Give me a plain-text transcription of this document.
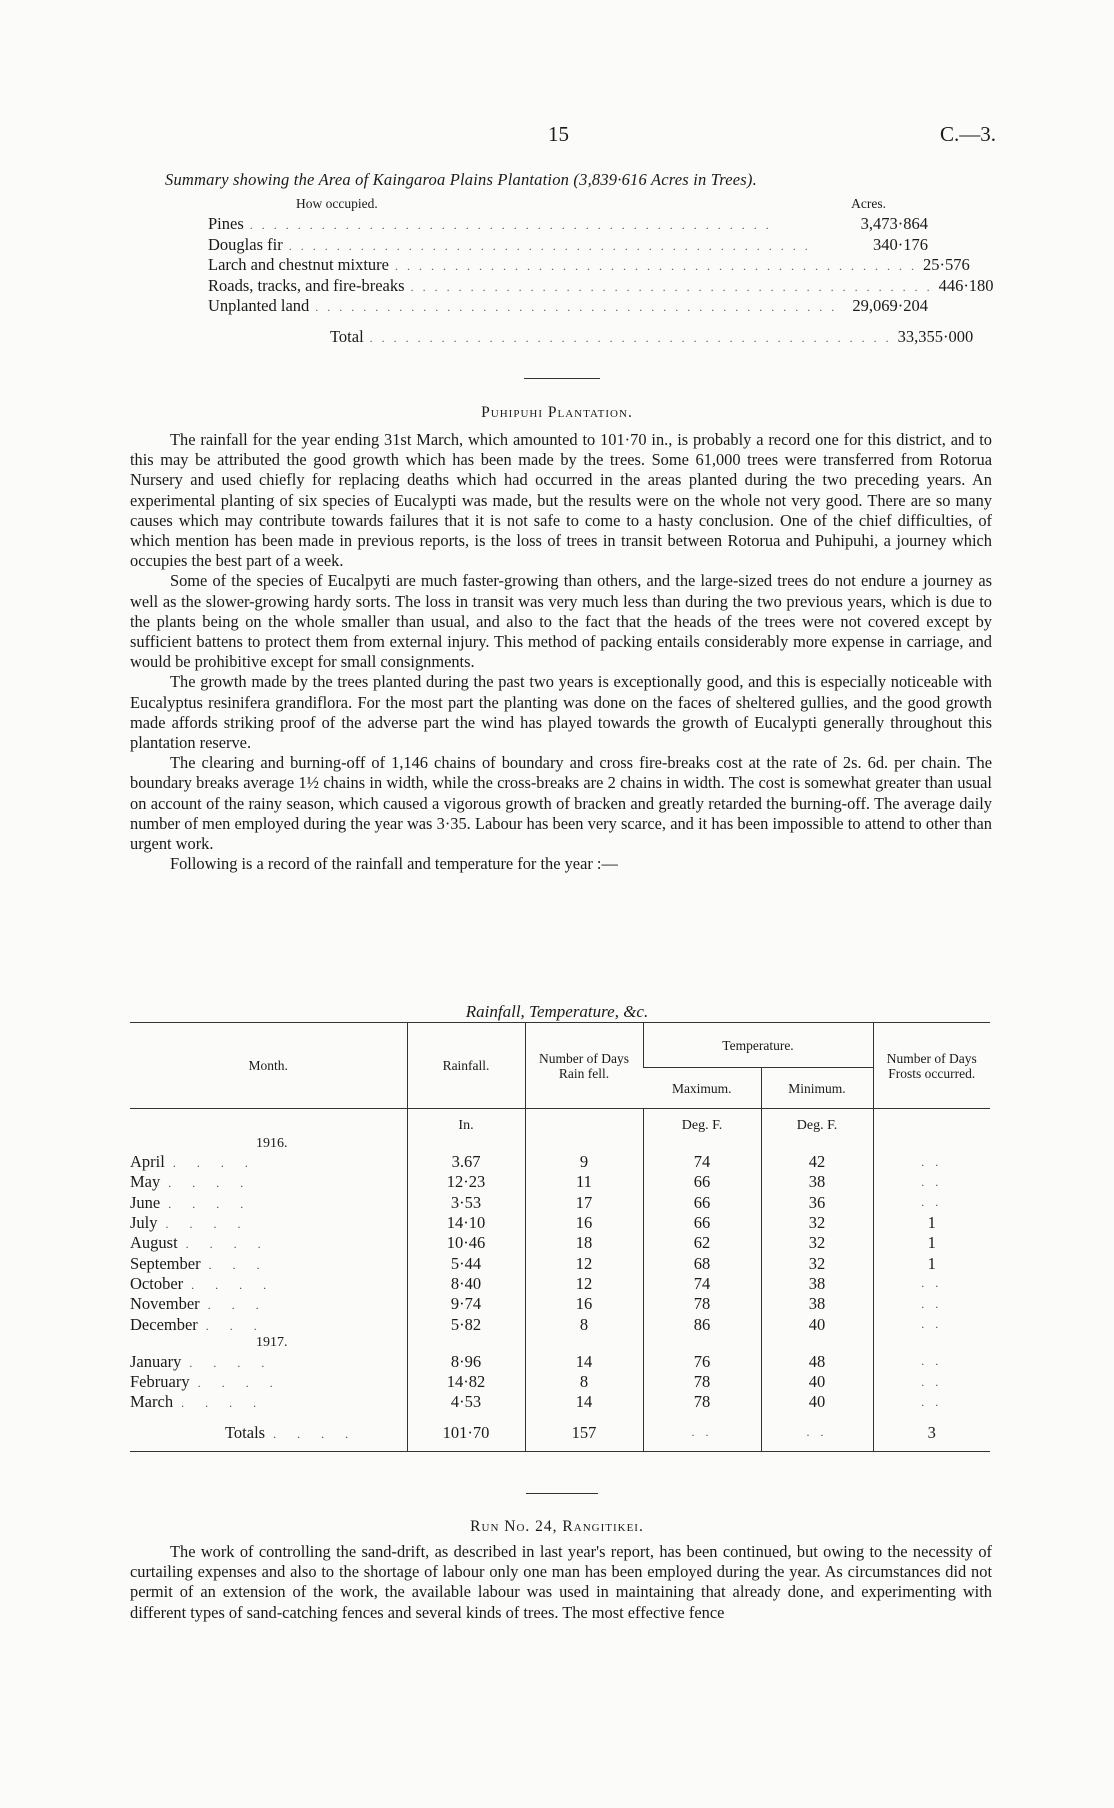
15	C.—3.
Summary showing the Area of Kaingaroa Plains Plantation (3,839·616 Acres in Trees).
How occupied.	Acres.
Pines . . . . . . . . . . . . . . . . . . . . . . . . . . . . . . . . . . . . . . . . . . . .	3,473·864
Douglas fir . . . . . . . . . . . . . . . . . . . . . . . . . . . . . . . . . . . . . . . . . . . .	340·176
Larch and chestnut mixture . . . . . . . . . . . . . . . . . . . . . . . . . . . . . . . . . . . . . . . . . . . . 25·576
Roads, tracks, and fire-breaks . . . . . . . . . . . . . . . . . . . . . . . . . . . . . . . . . . . . . . . . . . . . 446·180
Unplanted land . . . . . . . . . . . . . . . . . . . . . . . . . . . . . . . . . . . . . . . . . . . . 29,069·204
Total . . . . . . . . . . . . . . . . . . . . . . . . . . . . . . . . . . . . . . . . . . . . 33,355·000
Puhipuhi Plantation.

The rainfall for the year ending 31st March, which amounted to 101·70 in., is probably a record one for this district, and to this may be attributed the good growth which has been made by the trees. Some 61,000 trees were transferred from Rotorua Nursery and used chiefly for replacing deaths which had occurred in the areas planted during the two preceding years. An experimental planting of six species of Eucalypti was made, but the results were on the whole not very good. There are so many causes which may contribute towards failures that it is not safe to come to a hasty conclusion. One of the chief difficulties, of which mention has been made in previous reports, is the loss of trees in transit between Rotorua and Puhipuhi, a journey which occupies the best part of a week.

Some of the species of Eucalpyti are much faster-growing than others, and the large-sized trees do not endure a journey as well as the slower-growing hardy sorts. The loss in transit was very much less than during the two previous years, which is due to the plants being on the whole smaller than usual, and also to the fact that the heads of the trees were not covered except by sufficient battens to protect them from external injury. This method of packing entails considerably more expense in carriage, and would be prohibitive except for small consignments.

The growth made by the trees planted during the past two years is exceptionally good, and this is especially noticeable with Eucalyptus resinifera grandiflora. For the most part the planting was done on the faces of sheltered gullies, and the good growth made affords striking proof of the adverse part the wind has played towards the growth of Eucalypti generally throughout this plantation reserve.

The clearing and burning-off of 1,146 chains of boundary and cross fire-breaks cost at the rate of 2s. 6d. per chain. The boundary breaks average 1½ chains in width, while the cross-breaks are 2 chains in width. The cost is somewhat greater than usual on account of the rainy season, which caused a vigorous growth of bracken and greatly retarded the burning-off. The average daily number of men employed during the year was 3·35. Labour has been very scarce, and it has been impossible to attend to other than urgent work.

Following is a record of the rainfall and temperature for the year :—

Rainfall, Temperature, &c.
Month.	Rainfall.	Number of Days Rain fell.	Temperature.		Number of Days Frosts occurred.
			Maximum.	Minimum.	
	In.		Deg. F.	Deg. F.	
1916.					
April . . . .	3.67	9	74	42	. .
May . . . .	12·23	11	66	38	. .
June . . . .	3·53	17	66	36	. .
July . . . .	14·10	16	66	32	1
August . . . .	10·46	18	62	32	1
September . . .	5·44	12	68	32	1
October . . . .	8·40	12	74	38	. .
November . . .	9·74	16	78	38	. .
December . . .	5·82	8	86	40	. .
1917.					
January . . . .	8·96	14	76	48	. .
February . . . .	14·82	8	78	40	. .
March . . . .	4·53	14	78	40	. .
Totals . . . .	101·70	157	. .	. .	3
Run No. 24, Rangitikei.

The work of controlling the sand-drift, as described in last year's report, has been continued, but owing to the necessity of curtailing expenses and also to the shortage of labour only one man has been employed during the year. As circumstances did not permit of an extension of the work, the available labour was used in maintaining that already done, and experimenting with different types of sand-catching fences and several kinds of trees. The most effective fence
